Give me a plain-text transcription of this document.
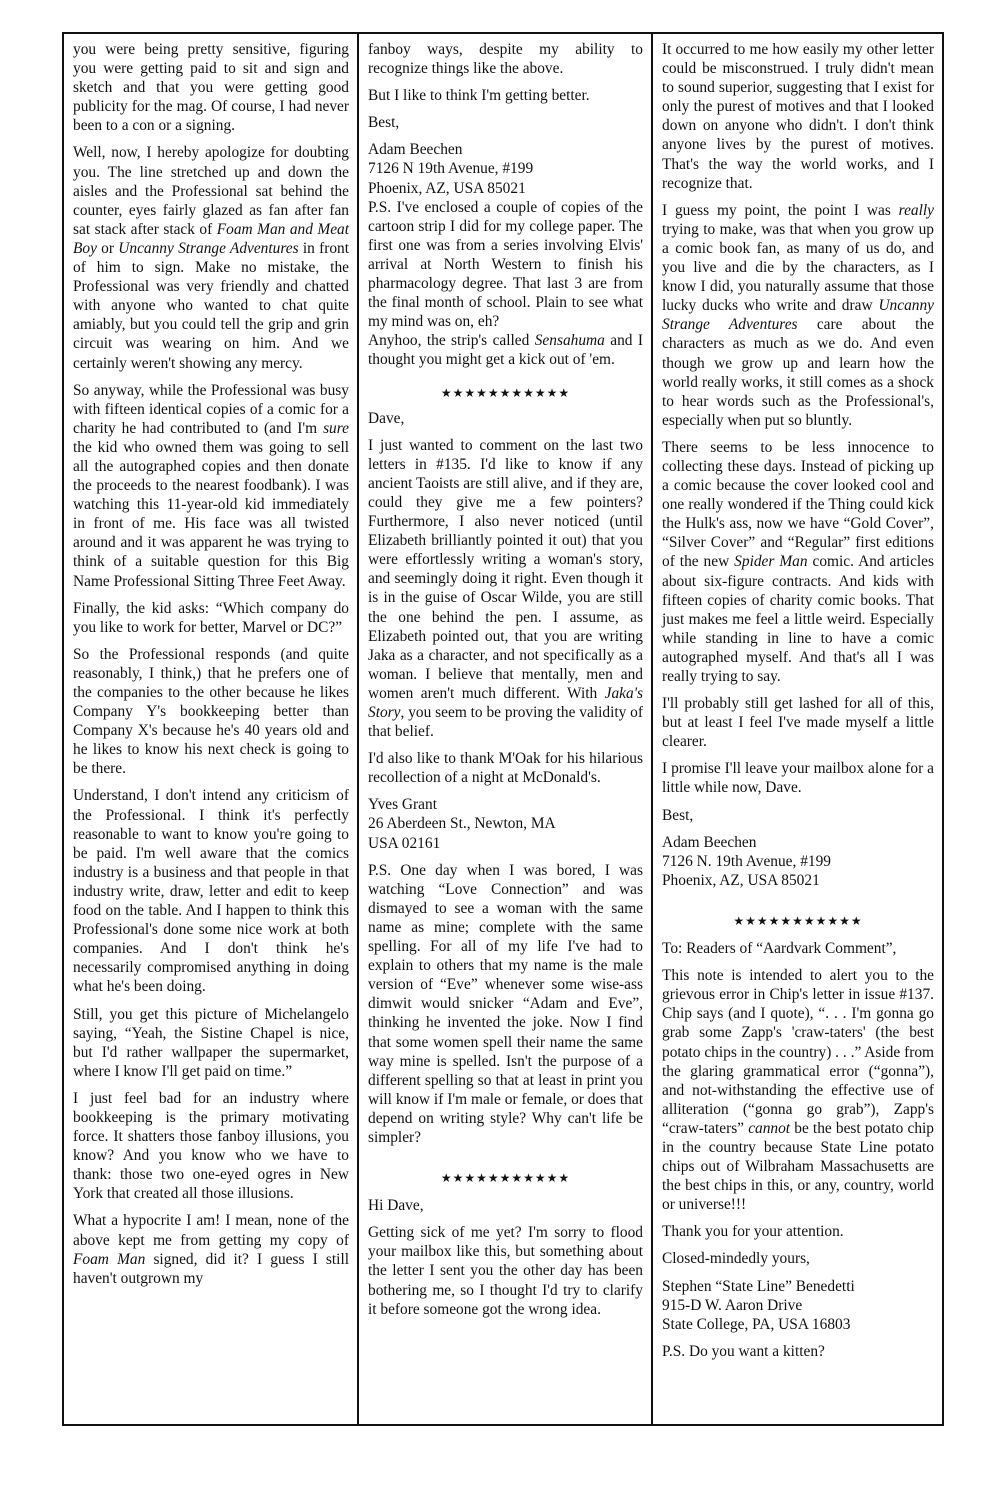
you were being pretty sensitive, figuring you were getting paid to sit and sign and sketch and that you were getting good publicity for the mag. Of course, I had never been to a con or a signing.

Well, now, I hereby apologize for doubting you. The line stretched up and down the aisles and the Professional sat behind the counter, eyes fairly glazed as fan after fan sat stack after stack of Foam Man and Meat Boy or Uncanny Strange Adventures in front of him to sign. Make no mistake, the Professional was very friendly and chatted with anyone who wanted to chat quite amiably, but you could tell the grip and grin circuit was wearing on him. And we certainly weren't showing any mercy.

So anyway, while the Professional was busy with fifteen identical copies of a comic for a charity he had contributed to (and I'm sure the kid who owned them was going to sell all the autographed copies and then donate the proceeds to the nearest foodbank). I was watching this 11-year-old kid immediately in front of me. His face was all twisted around and it was apparent he was trying to think of a suitable question for this Big Name Professional Sitting Three Feet Away.

Finally, the kid asks: “Which company do you like to work for better, Marvel or DC?”

So the Professional responds (and quite reasonably, I think,) that he prefers one of the companies to the other because he likes Company Y's bookkeeping better than Company X's because he's 40 years old and he likes to know his next check is going to be there.

Understand, I don't intend any criticism of the Professional. I think it's perfectly reasonable to want to know you're going to be paid. I'm well aware that the comics industry is a business and that people in that industry write, draw, letter and edit to keep food on the table. And I happen to think this Professional's done some nice work at both companies. And I don't think he's necessarily compromised anything in doing what he's been doing.

Still, you get this picture of Michelangelo saying, “Yeah, the Sistine Chapel is nice, but I'd rather wallpaper the supermarket, where I know I'll get paid on time.”

I just feel bad for an industry where bookkeeping is the primary motivating force. It shatters those fanboy illusions, you know? And you know who we have to thank: those two one-eyed ogres in New York that created all those illusions.

What a hypocrite I am! I mean, none of the above kept me from getting my copy of Foam Man signed, did it? I guess I still haven't outgrown my

fanboy ways, despite my ability to recognize things like the above.

But I like to think I'm getting better.

Best,

Adam Beechen
7126 N 19th Avenue, #199
Phoenix, AZ, USA 85021

P.S. I've enclosed a couple of copies of the cartoon strip I did for my college paper. The first one was from a series involving Elvis' arrival at North Western to finish his pharmacology degree. That last 3 are from the final month of school. Plain to see what my mind was on, eh?

Anyhoo, the strip's called Sensahuma and I thought you might get a kick out of 'em.

★★★★★★★★★★★

Dave,

I just wanted to comment on the last two letters in #135. I'd like to know if any ancient Taoists are still alive, and if they are, could they give me a few pointers? Furthermore, I also never noticed (until Elizabeth brilliantly pointed it out) that you were effortlessly writing a woman's story, and seemingly doing it right. Even though it is in the guise of Oscar Wilde, you are still the one behind the pen. I assume, as Elizabeth pointed out, that you are writing Jaka as a character, and not specifically as a woman. I believe that mentally, men and women aren't much different. With Jaka's Story, you seem to be proving the validity of that belief.

I'd also like to thank M'Oak for his hilarious recollection of a night at McDonald's.

Yves Grant
26 Aberdeen St., Newton, MA
USA 02161

P.S. One day when I was bored, I was watching “Love Connection” and was dismayed to see a woman with the same name as mine; complete with the same spelling. For all of my life I've had to explain to others that my name is the male version of “Eve” whenever some wise-ass dimwit would snicker “Adam and Eve”, thinking he invented the joke. Now I find that some women spell their name the same way mine is spelled. Isn't the purpose of a different spelling so that at least in print you will know if I'm male or female, or does that depend on writing style? Why can't life be simpler?

★★★★★★★★★★★

Hi Dave,

Getting sick of me yet? I'm sorry to flood your mailbox like this, but something about the letter I sent you the other day has been bothering me, so I thought I'd try to clarify it before someone got the wrong idea.

It occurred to me how easily my other letter could be misconstrued. I truly didn't mean to sound superior, suggesting that I exist for only the purest of motives and that I looked down on anyone who didn't. I don't think anyone lives by the purest of motives. That's the way the world works, and I recognize that.

I guess my point, the point I was really trying to make, was that when you grow up a comic book fan, as many of us do, and you live and die by the characters, as I know I did, you naturally assume that those lucky ducks who write and draw Uncanny Strange Adventures care about the characters as much as we do. And even though we grow up and learn how the world really works, it still comes as a shock to hear words such as the Professional's, especially when put so bluntly.

There seems to be less innocence to collecting these days. Instead of picking up a comic because the cover looked cool and one really wondered if the Thing could kick the Hulk's ass, now we have “Gold Cover”, “Silver Cover” and “Regular” first editions of the new Spider Man comic. And articles about six-figure contracts. And kids with fifteen copies of charity comic books. That just makes me feel a little weird. Especially while standing in line to have a comic autographed myself. And that's all I was really trying to say.

I'll probably still get lashed for all of this, but at least I feel I've made myself a little clearer.

I promise I'll leave your mailbox alone for a little while now, Dave.

Best,

Adam Beechen
7126 N. 19th Avenue, #199
Phoenix, AZ, USA 85021
★★★★★★★★★★★

To: Readers of “Aardvark Comment”,

This note is intended to alert you to the grievous error in Chip's letter in issue #137. Chip says (and I quote), “. . . I'm gonna go grab some Zapp's 'craw-taters' (the best potato chips in the country) . . .” Aside from the glaring grammatical error (“gonna”), and not-withstanding the effective use of alliteration (“gonna go grab”), Zapp's “craw-taters” cannot be the best potato chip in the country because State Line potato chips out of Wilbraham Massachusetts are the best chips in this, or any, country, world or universe!!!

Thank you for your attention.

Closed-mindedly yours,

Stephen “State Line” Benedetti
915-D W. Aaron Drive
State College, PA, USA 16803

P.S. Do you want a kitten?
